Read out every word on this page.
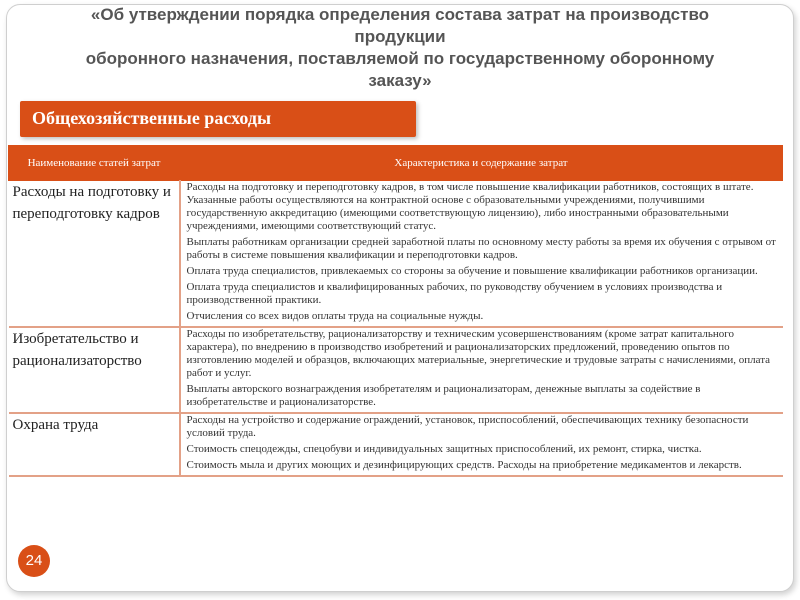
«Об утверждении порядка определения состава затрат на производство
продукции
оборонного назначения, поставляемой по государственному оборонному
заказу»
Общехозяйственные расходы
Наименование статей затрат	Характеристика и содержание затрат
Расходы на подготовку и переподготовку кадров	Расходы на подготовку и переподготовку кадров, в том числе повышение квалификации работников, состоящих в штате. Указанные работы осуществляются на контрактной основе с образовательными учреждениями, получившими государственную аккредитацию (имеющими соответствующую лицензию), либо иностранными образовательными учреждениями, имеющими соответствующий статус.

Выплаты работникам организации средней заработной платы по основному месту работы за время их обучения с отрывом от работы в системе повышения квалификации и переподготовки кадров.

Оплата труда специалистов, привлекаемых со стороны за обучение и повышение квалификации работников организации.

Оплата труда специалистов и квалифицированных рабочих, по руководству обучением в условиях производства и производственной практики.

Отчисления со всех видов оплаты труда на социальные нужды.

Изобретательство и рационализаторство	Расходы по изобретательству, рационализаторству и техническим усовершенствованиям (кроме затрат капитального характера), по внедрению в производство изобретений и рационализаторских предложений, проведению опытов по изготовлению моделей и образцов, включающих материальные, энергетические и трудовые затраты с начислениями, оплата работ и услуг.

Выплаты авторского вознаграждения изобретателям и рационализаторам, денежные выплаты за содействие в изобретательстве и рационализаторстве.

Охрана труда	Расходы на устройство и содержание ограждений, установок, приспособлений, обеспечивающих технику безопасности условий труда.

Стоимость спецодежды, спецобуви и индивидуальных защитных приспособлений, их ремонт, стирка, чистка.

Стоимость мыла и других моющих и дезинфицирующих средств. Расходы на приобретение медикаментов и лекарств.

24
